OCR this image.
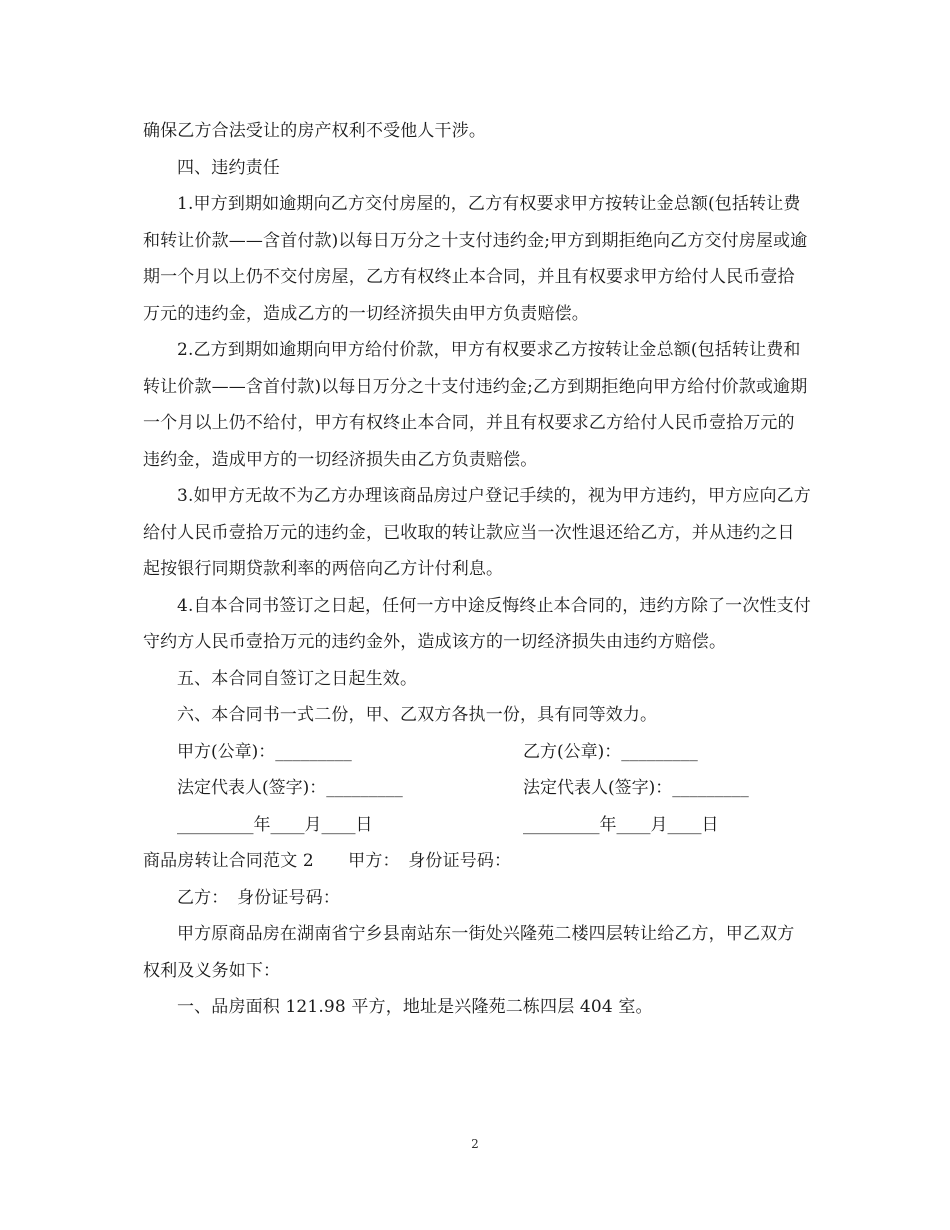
确保乙方合法受让的房产权利不受他人干涉。

四、违约责任

1.甲方到期如逾期向乙方交付房屋的，乙方有权要求甲方按转让金总额(包括转让费和转让价款——含首付款)以每日万分之十支付违约金;甲方到期拒绝向乙方交付房屋或逾期一个月以上仍不交付房屋，乙方有权终止本合同，并且有权要求甲方给付人民币壹拾万元的违约金，造成乙方的一切经济损失由甲方负责赔偿。

2.乙方到期如逾期向甲方给付价款，甲方有权要求乙方按转让金总额(包括转让费和转让价款——含首付款)以每日万分之十支付违约金;乙方到期拒绝向甲方给付价款或逾期一个月以上仍不给付，甲方有权终止本合同，并且有权要求乙方给付人民币壹拾万元的违约金，造成甲方的一切经济损失由乙方负责赔偿。

3.如甲方无故不为乙方办理该商品房过户登记手续的，视为甲方违约，甲方应向乙方给付人民币壹拾万元的违约金，已收取的转让款应当一次性退还给乙方，并从违约之日起按银行同期贷款利率的两倍向乙方计付利息。

4.自本合同书签订之日起，任何一方中途反悔终止本合同的，违约方除了一次性支付守约方人民币壹拾万元的违约金外，造成该方的一切经济损失由违约方赔偿。

五、本合同自签订之日起生效。

六、本合同书一式二份，甲、乙双方各执一份，具有同等效力。

甲方(公章)：_________	乙方(公章)：_________
法定代表人(签字)：_________	法定代表人(签字)：_________
_________年____月____日	_________年____月____日

商品房转让合同范文 2　　甲方：　身份证号码：

乙方：　身份证号码：

甲方原商品房在湖南省宁乡县南站东一街处兴隆苑二楼四层转让给乙方，甲乙双方权利及义务如下：

一、品房面积 121.98 平方，地址是兴隆苑二栋四层 404 室。

2
